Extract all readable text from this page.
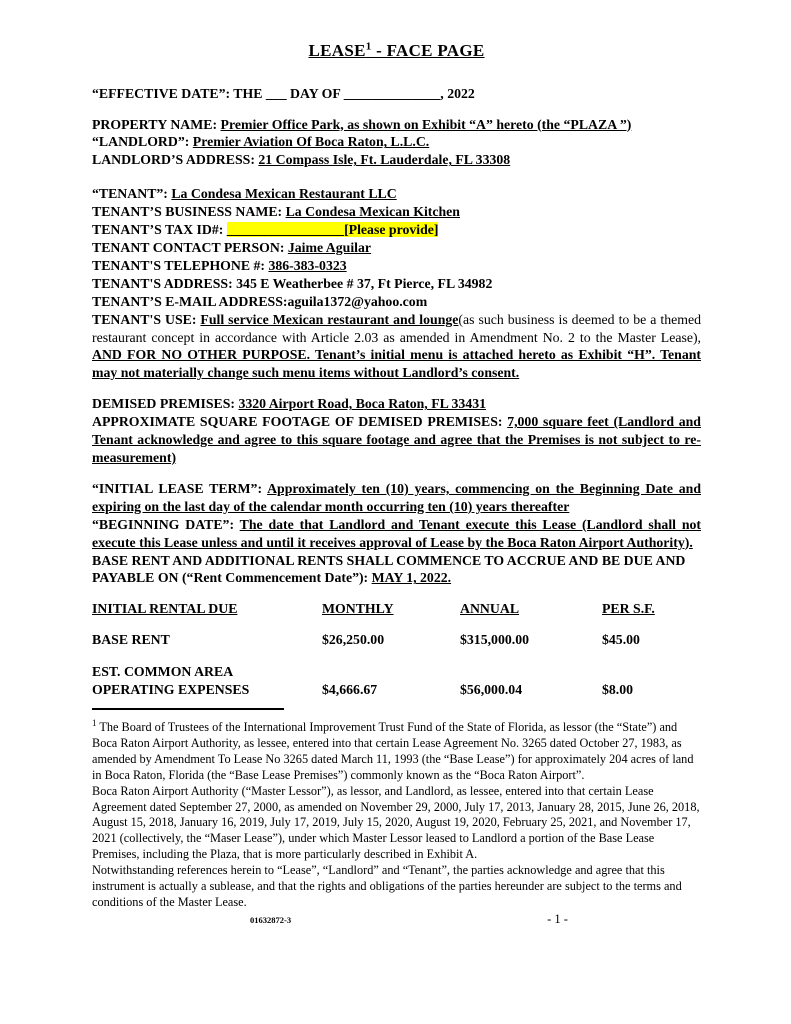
LEASE$^1$ - FACE PAGE

“EFFECTIVE DATE”: THE ___ DAY OF ______________, 2022

PROPERTY NAME: Premier Office Park, as shown on Exhibit “A” hereto (the “PLAZA ”)

“LANDLORD”: Premier Aviation Of Boca Raton, L.L.C.

LANDLORD’S ADDRESS: 21 Compass Isle, Ft. Lauderdale, FL 33308

“TENANT”: La Condesa Mexican Restaurant LLC

TENANT’S BUSINESS NAME: La Condesa Mexican Kitchen

TENANT’S TAX ID#: _________________[Please provide]

TENANT CONTACT PERSON: Jaime Aguilar

TENANT'S TELEPHONE #: 386-383-0323

TENANT'S ADDRESS: 345 E Weatherbee # 37, Ft Pierce, FL 34982

TENANT’S E-MAIL ADDRESS:aguila1372@yahoo.com

TENANT'S USE: Full service Mexican restaurant and lounge(as such business is deemed to be a themed restaurant concept in accordance with Article 2.03 as amended in Amendment No. 2 to the Master Lease), AND FOR NO OTHER PURPOSE. Tenant’s initial menu is attached hereto as Exhibit “H”. Tenant may not materially change such menu items without Landlord’s consent.

DEMISED PREMISES: 3320 Airport Road, Boca Raton, FL 33431

APPROXIMATE SQUARE FOOTAGE OF DEMISED PREMISES: 7,000 square feet (Landlord and Tenant acknowledge and agree to this square footage and agree that the Premises is not subject to re-measurement)

“INITIAL LEASE TERM”: Approximately ten (10) years, commencing on the Beginning Date and expiring on the last day of the calendar month occurring ten (10) years thereafter

“BEGINNING DATE”: The date that Landlord and Tenant execute this Lease (Landlord shall not execute this Lease unless and until it receives approval of Lease by the Boca Raton Airport Authority).

BASE RENT AND ADDITIONAL RENTS SHALL COMMENCE TO ACCRUE AND BE DUE AND PAYABLE ON (“Rent Commencement Date”): MAY 1, 2022.

INITIAL RENTAL DUE	MONTHLY	ANNUAL	PER S.F.
BASE RENT	$26,250.00	$315,000.00	$45.00
EST. COMMON AREA
OPERATING EXPENSES	$4,666.67	$56,000.04	$8.00

$^1$ The Board of Trustees of the International Improvement Trust Fund of the State of Florida, as lessor (the “State”) and Boca Raton Airport Authority, as lessee, entered into that certain Lease Agreement No. 3265 dated October 27, 1983, as amended by Amendment To Lease No 3265 dated March 11, 1993 (the “Base Lease”) for approximately 204 acres of land in Boca Raton, Florida (the “Base Lease Premises”) commonly known as the “Boca Raton Airport”.

Boca Raton Airport Authority (“Master Lessor”), as lessor, and Landlord, as lessee, entered into that certain Lease Agreement dated September 27, 2000, as amended on November 29, 2000, July 17, 2013, January 28, 2015, June 26, 2018, August 15, 2018, January 16, 2019, July 17, 2019, July 15, 2020, August 19, 2020, February 25, 2021, and November 17, 2021 (collectively, the “Maser Lease”), under which Master Lessor leased to Landlord a portion of the Base Lease Premises, including the Plaza, that is more particularly described in Exhibit A.

Notwithstanding references herein to “Lease”, “Landlord” and “Tenant”, the parties acknowledge and agree that this instrument is actually a sublease, and that the rights and obligations of the parties hereunder are subject to the terms and conditions of the Master Lease.

01632872-3	- 1 -
